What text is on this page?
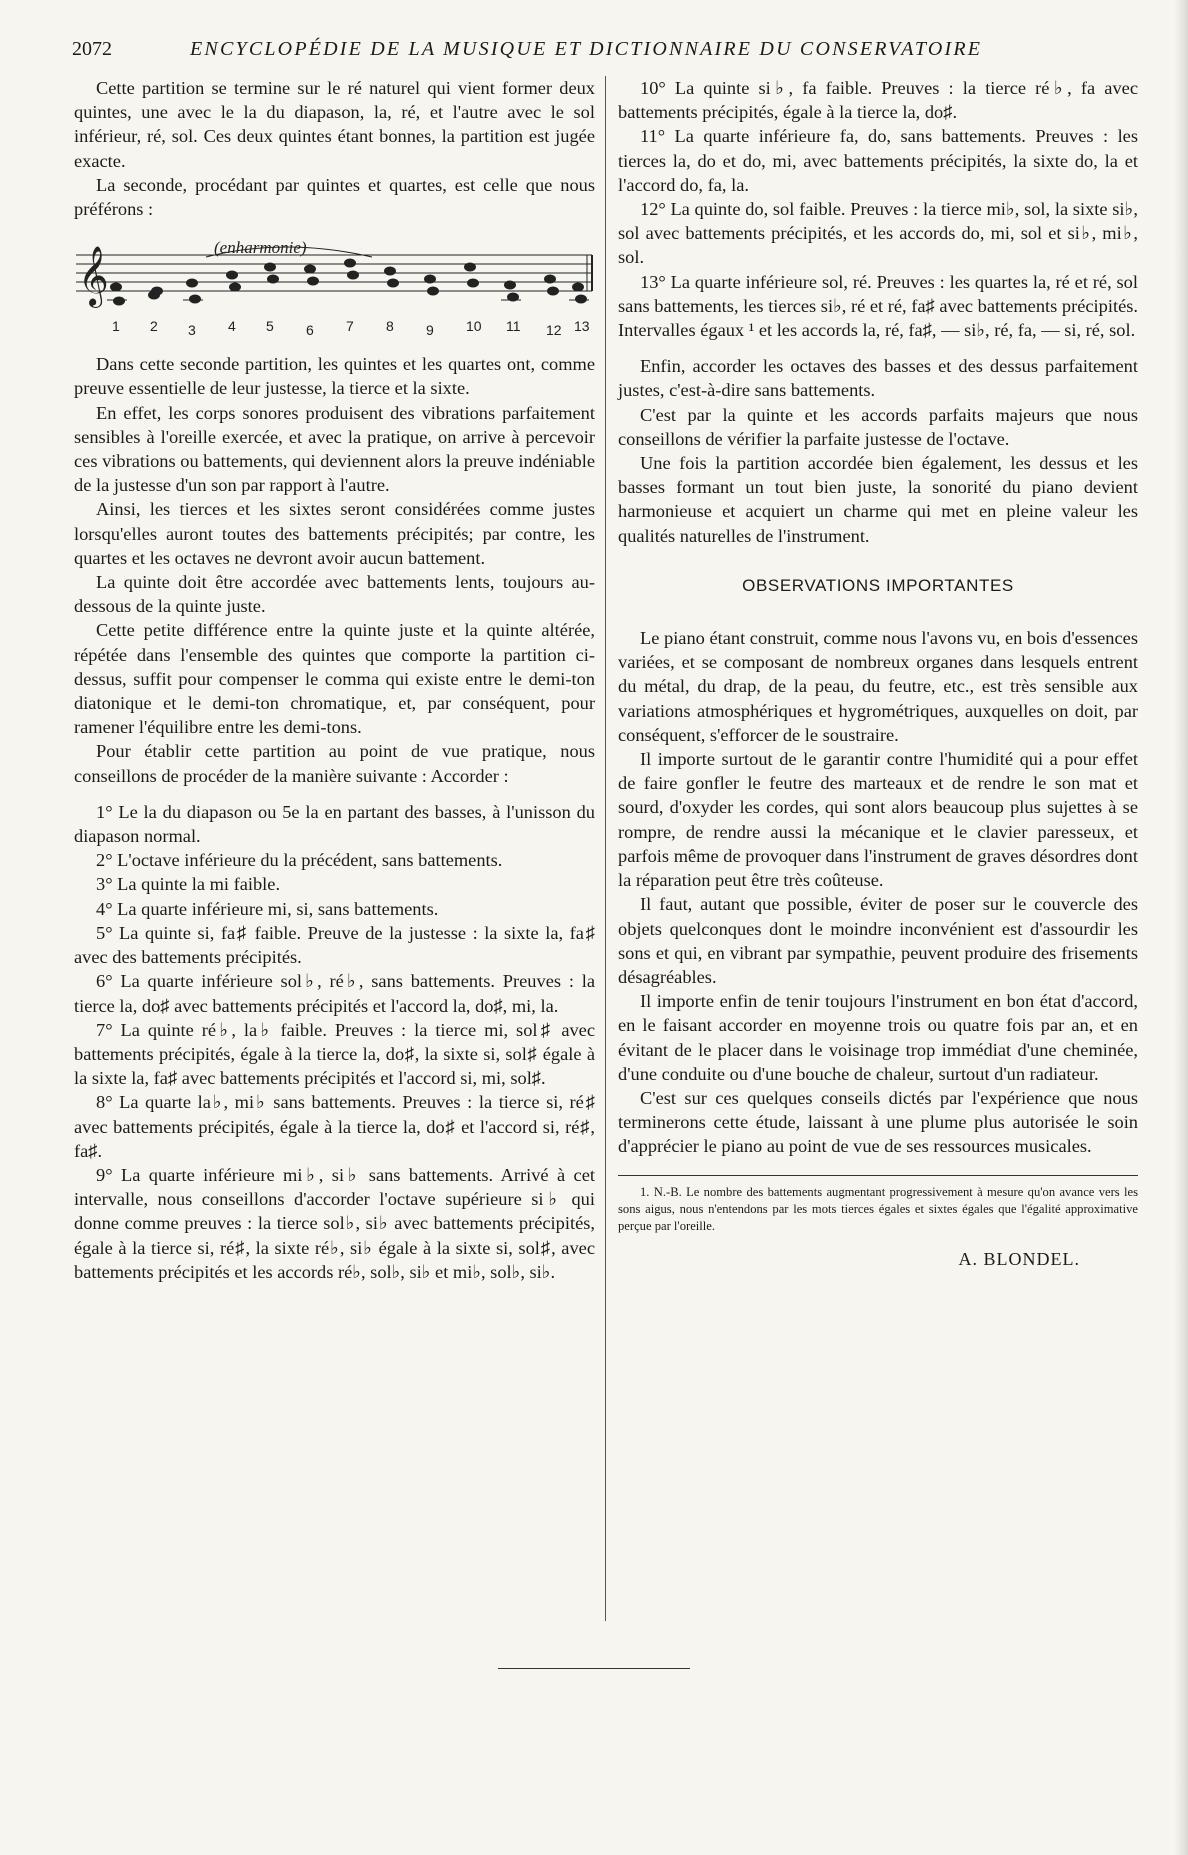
2072	ENCYCLOPÉDIE DE LA MUSIQUE ET DICTIONNAIRE DU CONSERVATOIRE

Cette partition se termine sur le ré naturel qui vient former deux quintes, une avec le la du diapason, la, ré, et l'autre avec le sol inférieur, ré, sol. Ces deux quintes étant bonnes, la partition est jugée exacte.

La seconde, procédant par quintes et quartes, est celle que nous préférons :

𝄞	(enharmonie)
1 2 3 4 5 6 7 8 9 10 11 12 13

Dans cette seconde partition, les quintes et les quartes ont, comme preuve essentielle de leur justesse, la tierce et la sixte.

En effet, les corps sonores produisent des vibrations parfaitement sensibles à l'oreille exercée, et avec la pratique, on arrive à percevoir ces vibrations ou battements, qui deviennent alors la preuve indéniable de la justesse d'un son par rapport à l'autre.

Ainsi, les tierces et les sixtes seront considérées comme justes lorsqu'elles auront toutes des battements précipités; par contre, les quartes et les octaves ne devront avoir aucun battement.

La quinte doit être accordée avec battements lents, toujours au-dessous de la quinte juste.

Cette petite différence entre la quinte juste et la quinte altérée, répétée dans l'ensemble des quintes que comporte la partition ci-dessus, suffit pour compenser le comma qui existe entre le demi-ton diatonique et le demi-ton chromatique, et, par conséquent, pour ramener l'équilibre entre les demi-tons.

Pour établir cette partition au point de vue pratique, nous conseillons de procéder de la manière suivante : Accorder :

1° Le la du diapason ou 5e la en partant des basses, à l'unisson du diapason normal.

2° L'octave inférieure du la précédent, sans battements.

3° La quinte la mi faible.

4° La quarte inférieure mi, si, sans battements.

5° La quinte si, fa♯ faible. Preuve de la justesse : la sixte la, fa♯ avec des battements précipités.

6° La quarte inférieure sol♭, ré♭, sans battements. Preuves : la tierce la, do♯ avec battements précipités et l'accord la, do♯, mi, la.

7° La quinte ré♭, la♭ faible. Preuves : la tierce mi, sol♯ avec battements précipités, égale à la tierce la, do♯, la sixte si, sol♯ égale à la sixte la, fa♯ avec battements précipités et l'accord si, mi, sol♯.

8° La quarte la♭, mi♭ sans battements. Preuves : la tierce si, ré♯ avec battements précipités, égale à la tierce la, do♯ et l'accord si, ré♯, fa♯.

9° La quarte inférieure mi♭, si♭ sans battements. Arrivé à cet intervalle, nous conseillons d'accorder l'octave supérieure si♭ qui donne comme preuves : la tierce sol♭, si♭ avec battements précipités, égale à la tierce si, ré♯, la sixte ré♭, si♭ égale à la sixte si, sol♯, avec battements précipités et les accords ré♭, sol♭, si♭ et mi♭, sol♭, si♭.

10° La quinte si♭, fa faible. Preuves : la tierce ré♭, fa avec battements précipités, égale à la tierce la, do♯.

11° La quarte inférieure fa, do, sans battements. Preuves : les tierces la, do et do, mi, avec battements précipités, la sixte do, la et l'accord do, fa, la.

12° La quinte do, sol faible. Preuves : la tierce mi♭, sol, la sixte si♭, sol avec battements précipités, et les accords do, mi, sol et si♭, mi♭, sol.

13° La quarte inférieure sol, ré. Preuves : les quartes la, ré et ré, sol sans battements, les tierces si♭, ré et ré, fa♯ avec battements précipités. Intervalles égaux ¹ et les accords la, ré, fa♯, — si♭, ré, fa, — si, ré, sol.

Enfin, accorder les octaves des basses et des dessus parfaitement justes, c'est-à-dire sans battements.

C'est par la quinte et les accords parfaits majeurs que nous conseillons de vérifier la parfaite justesse de l'octave.

Une fois la partition accordée bien également, les dessus et les basses formant un tout bien juste, la sonorité du piano devient harmonieuse et acquiert un charme qui met en pleine valeur les qualités naturelles de l'instrument.

OBSERVATIONS IMPORTANTES

Le piano étant construit, comme nous l'avons vu, en bois d'essences variées, et se composant de nombreux organes dans lesquels entrent du métal, du drap, de la peau, du feutre, etc., est très sensible aux variations atmosphériques et hygrométriques, auxquelles on doit, par conséquent, s'efforcer de le soustraire.

Il importe surtout de le garantir contre l'humidité qui a pour effet de faire gonfler le feutre des marteaux et de rendre le son mat et sourd, d'oxyder les cordes, qui sont alors beaucoup plus sujettes à se rompre, de rendre aussi la mécanique et le clavier paresseux, et parfois même de provoquer dans l'instrument de graves désordres dont la réparation peut être très coûteuse.

Il faut, autant que possible, éviter de poser sur le couvercle des objets quelconques dont le moindre inconvénient est d'assourdir les sons et qui, en vibrant par sympathie, peuvent produire des frisements désagréables.

Il importe enfin de tenir toujours l'instrument en bon état d'accord, en le faisant accorder en moyenne trois ou quatre fois par an, et en évitant de le placer dans le voisinage trop immédiat d'une cheminée, d'une conduite ou d'une bouche de chaleur, surtout d'un radiateur.

C'est sur ces quelques conseils dictés par l'expérience que nous terminerons cette étude, laissant à une plume plus autorisée le soin d'apprécier le piano au point de vue de ses ressources musicales.

1. N.-B. Le nombre des battements augmentant progressivement à mesure qu'on avance vers les sons aigus, nous n'entendons par les mots tierces égales et sixtes égales que l'égalité approximative perçue par l'oreille.

A. BLONDEL.
